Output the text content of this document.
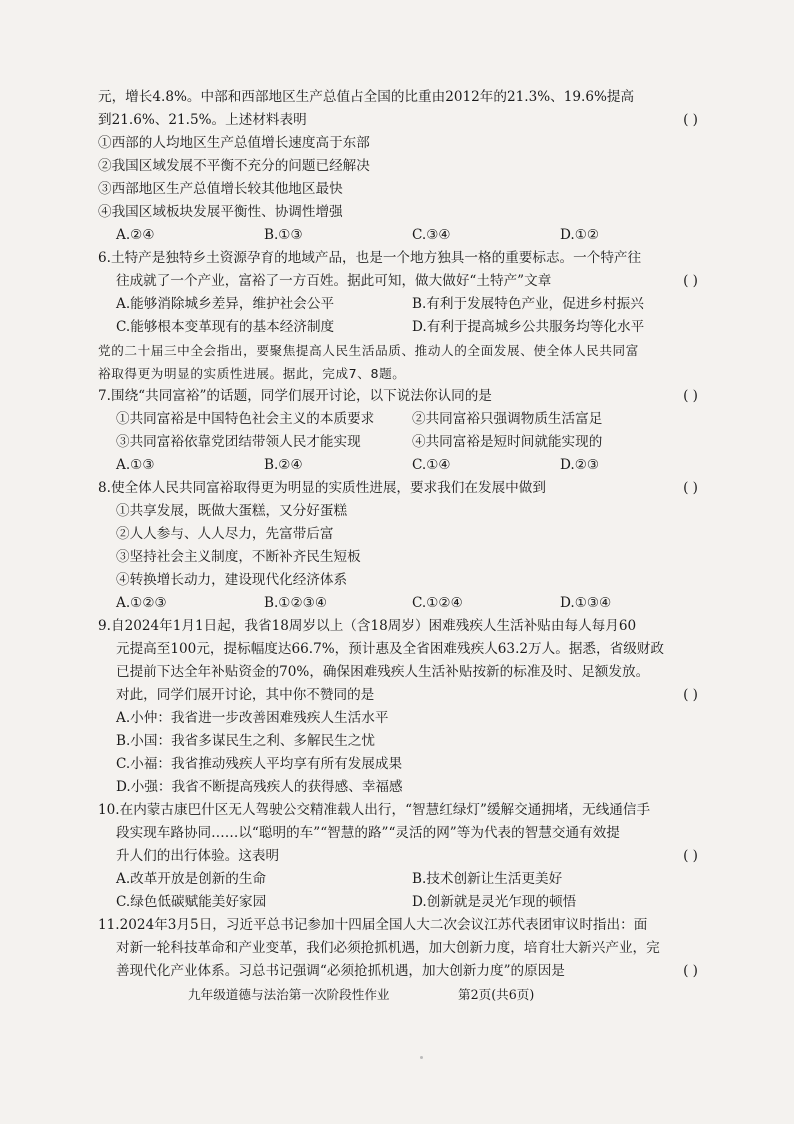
元，增长4.8%。中部和西部地区生产总值占全国的比重由2012年的21.3%、19.6%提高
到21.6%、21.5%。上述材料表明	( )
①西部的人均地区生产总值增长速度高于东部
②我国区域发展不平衡不充分的问题已经解决
③西部地区生产总值增长较其他地区最快
④我国区域板块发展平衡性、协调性增强
A.②④	B.①③	C.③④	D.①②
6.土特产是独特乡土资源孕育的地域产品，也是一个地方独具一格的重要标志。一个特产往
往成就了一个产业，富裕了一方百姓。据此可知，做大做好“土特产”文章	( )
A.能够消除城乡差异，维护社会公平	B.有利于发展特色产业，促进乡村振兴
C.能够根本变革现有的基本经济制度	D.有利于提高城乡公共服务均等化水平
党的二十届三中全会指出，要聚焦提高人民生活品质、推动人的全面发展、使全体人民共同富
裕取得更为明显的实质性进展。据此，完成7、8题。
7.围绕“共同富裕”的话题，同学们展开讨论，以下说法你认同的是	( )
①共同富裕是中国特色社会主义的本质要求	②共同富裕只强调物质生活富足
③共同富裕依靠党团结带领人民才能实现	④共同富裕是短时间就能实现的
A.①③	B.②④	C.①④	D.②③
8.使全体人民共同富裕取得更为明显的实质性进展，要求我们在发展中做到	( )
①共享发展，既做大蛋糕，又分好蛋糕
②人人参与、人人尽力，先富带后富
③坚持社会主义制度，不断补齐民生短板
④转换增长动力，建设现代化经济体系
A.①②③	B.①②③④	C.①②④	D.①③④
9.自2024年1月1日起，我省18周岁以上（含18周岁）困难残疾人生活补贴由每人每月60
元提高至100元，提标幅度达66.7%，预计惠及全省困难残疾人63.2万人。据悉，省级财政
已提前下达全年补贴资金的70%，确保困难残疾人生活补贴按新的标准及时、足额发放。
对此，同学们展开讨论，其中你不赞同的是	( )
A.小仲：我省进一步改善困难残疾人生活水平
B.小国：我省多谋民生之利、多解民生之忧
C.小福：我省推动残疾人平均享有所有发展成果
D.小强：我省不断提高残疾人的获得感、幸福感
10.在内蒙古康巴什区无人驾驶公交精准载人出行，“智慧红绿灯”缓解交通拥堵，无线通信手
段实现车路协同……以“聪明的车”“智慧的路”“灵活的网”等为代表的智慧交通有效提
升人们的出行体验。这表明	( )
A.改革开放是创新的生命	B.技术创新让生活更美好
C.绿色低碳赋能美好家园	D.创新就是灵光乍现的顿悟
11.2024年3月5日，习近平总书记参加十四届全国人大二次会议江苏代表团审议时指出：面
对新一轮科技革命和产业变革，我们必须抢抓机遇，加大创新力度，培育壮大新兴产业，完
善现代化产业体系。习总书记强调“必须抢抓机遇，加大创新力度”的原因是	( )
九年级道德与法治第一次阶段性作业	第2页(共6页)
